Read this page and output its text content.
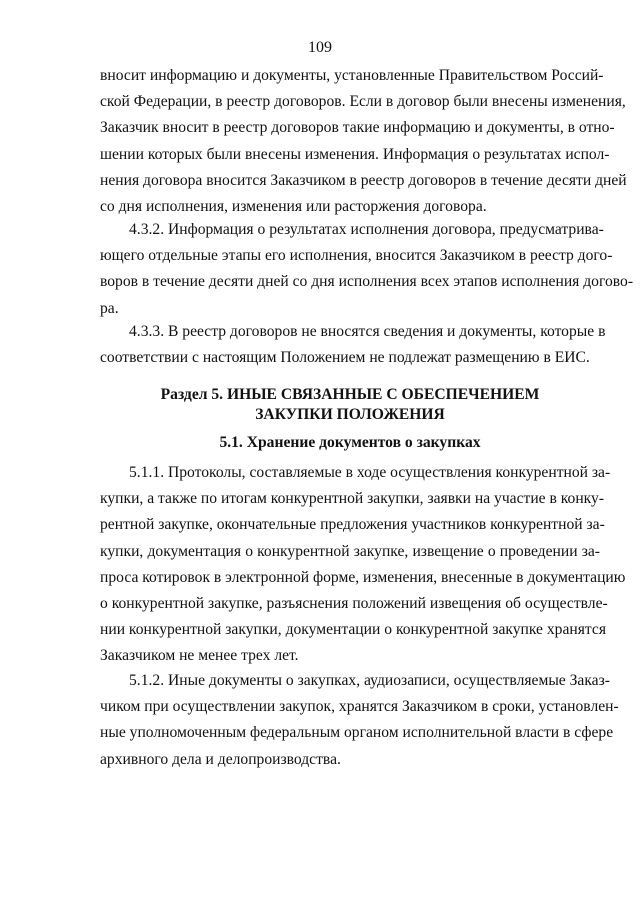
109
вносит информацию и документы, установленные Правительством Россий-
ской Федерации, в реестр договоров. Если в договор были внесены изменения,
Заказчик вносит в реестр договоров такие информацию и документы, в отно-
шении которых были внесены изменения. Информация о результатах испол-
нения договора вносится Заказчиком в реестр договоров в течение десяти дней
со дня исполнения, изменения или расторжения договора.
4.3.2. Информация о результатах исполнения договора, предусматрива-
ющего отдельные этапы его исполнения, вносится Заказчиком в реестр дого-
воров в течение десяти дней со дня исполнения всех этапов исполнения догово-
ра.
4.3.3. В реестр договоров не вносятся сведения и документы, которые в
соответствии с настоящим Положением не подлежат размещению в ЕИС.
Раздел 5. ИНЫЕ СВЯЗАННЫЕ С ОБЕСПЕЧЕНИЕМ
ЗАКУПКИ ПОЛОЖЕНИЯ
5.1. Хранение документов о закупках
5.1.1. Протоколы, составляемые в ходе осуществления конкурентной за-
купки, а также по итогам конкурентной закупки, заявки на участие в конку-
рентной закупке, окончательные предложения участников конкурентной за-
купки, документация о конкурентной закупке, извещение о проведении за-
проса котировок в электронной форме, изменения, внесенные в документацию
о конкурентной закупке, разъяснения положений извещения об осуществле-
нии конкурентной закупки, документации о конкурентной закупке хранятся
Заказчиком не менее трех лет.
5.1.2. Иные документы о закупках, аудиозаписи, осуществляемые Заказ-
чиком при осуществлении закупок, хранятся Заказчиком в сроки, установлен-
ные уполномоченным федеральным органом исполнительной власти в сфере
архивного дела и делопроизводства.
